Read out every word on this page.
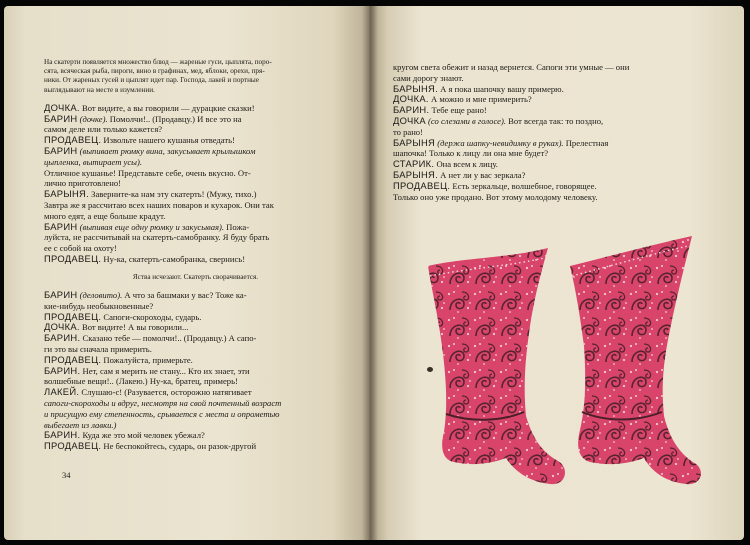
На скатерти появляется множество блюд — жареные гуси, цыплята, поро-

сята, всяческая рыба, пироги, вино в графинах, мед, яблоки, орехи, пря-

ники. От жареных гусей и цыплят идет пар. Господа, лакей и портные

выглядывают на месте в изумлении.

ДОЧКА. Вот видите, а вы говорили — дурацкие сказки!

БАРИН (дочке). Помолчи!.. (Продавцу.) И все это на

самом деле или только кажется?

ПРОДАВЕЦ. Извольте нашего кушанья отведать!

БАРИН (выпивает рюмку вина, закусывает крылышком

цыпленка, вытирает усы).

Отличное кушанье! Представьте себе, очень вкусно. От-

лично приготовлено!

БАРЫНЯ. Заверните-ка нам эту скатерть! (Мужу, тихо.)

Завтра же я рассчитаю всех наших поваров и кухарок. Они так

много едят, а еще больше крадут.

БАРИН (выпивая еще одну рюмку и закусывая). Пожа-

луйста, не рассчитывай на скатерть-самобранку. Я буду брать

ее с собой на охоту!

ПРОДАВЕЦ. Ну-ка, скатерть-самобранка, свернись!

Яства исчезают. Скатерть сворачивается.

БАРИН (деловито). А что за башмаки у вас? Тоже ка-

кие-нибудь необыкновенные?

ПРОДАВЕЦ. Сапоги-скороходы, сударь.

ДОЧКА. Вот видите! А вы говорили...

БАРИН. Сказано тебе — помолчи!.. (Продавцу.) А сапо-

ги это вы сначала примерить.

ПРОДАВЕЦ. Пожалуйста, примерьте.

БАРИН. Нет, сам я мерить не стану... Кто их знает, эти

волшебные вещи!.. (Лакею.) Ну-ка, братец, примерь!

ЛАКЕЙ. Слушаю-с! (Разувается, осторожно натягивает

сапоги-скороходы и вдруг, несмотря на свой почтенный возраст

и присущую ему степенность, срывается с места и опрометью

выбегает из лавки.)

БАРИН. Куда же это мой человек убежал?

ПРОДАВЕЦ. Не беспокойтесь, сударь, он разок-другой

кругом света обежит и назад вернется. Сапоги эти умные — они

сами дорогу знают.

БАРЫНЯ. А я пока шапочку вашу примерю.

ДОЧКА. А можно и мне примерить?

БАРИН. Тебе еще рано!

ДОЧКА (со слезами в голосе). Вот всегда так: то поздно,

то рано!

БАРЫНЯ (держа шапку-невидимку в руках). Прелестная

шапочка! Только к лицу ли она мне будет?

СТАРИК. Она всем к лицу.

БАРЫНЯ. А нет ли у вас зеркала?

ПРОДАВЕЦ. Есть зеркальце, волшебное, говорящее.

Только оно уже продано. Вот этому молодому человеку.

34
